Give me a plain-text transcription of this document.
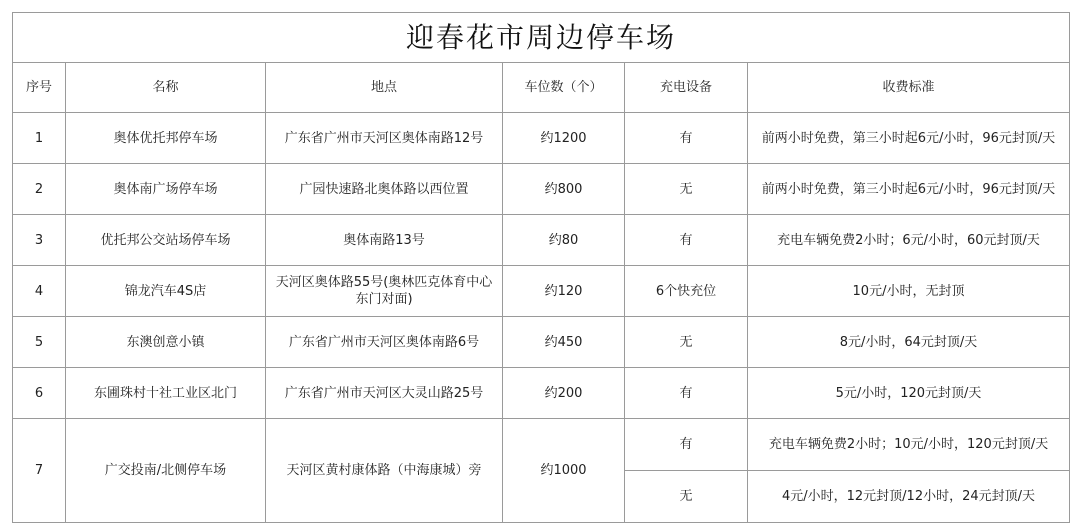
迎春花市周边停车场					
序号	名称	地点	车位数（个）	充电设备	收费标准
1	奥体优托邦停车场	广东省广州市天河区奥体南路12号	约1200	有	前两小时免费，第三小时起6元/小时，96元封顶/天
2	奥体南广场停车场	广园快速路北奥体路以西位置	约800	无	前两小时免费，第三小时起6元/小时，96元封顶/天
3	优托邦公交站场停车场	奥体南路13号	约80	有	充电车辆免费2小时；6元/小时，60元封顶/天
4	锦龙汽车4S店	天河区奥体路55号(奥林匹克体育中心东门对面)	约120	6个快充位	10元/小时，无封顶
5	东澳创意小镇	广东省广州市天河区奥体南路6号	约450	无	8元/小时，64元封顶/天
6	东圃珠村十社工业区北门	广东省广州市天河区大灵山路25号	约200	有	5元/小时，120元封顶/天
7	广交投南/北侧停车场	天河区黄村康体路（中海康城）旁	约1000	有	充电车辆免费2小时；10元/小时，120元封顶/天
				无	4元/小时，12元封顶/12小时，24元封顶/天
